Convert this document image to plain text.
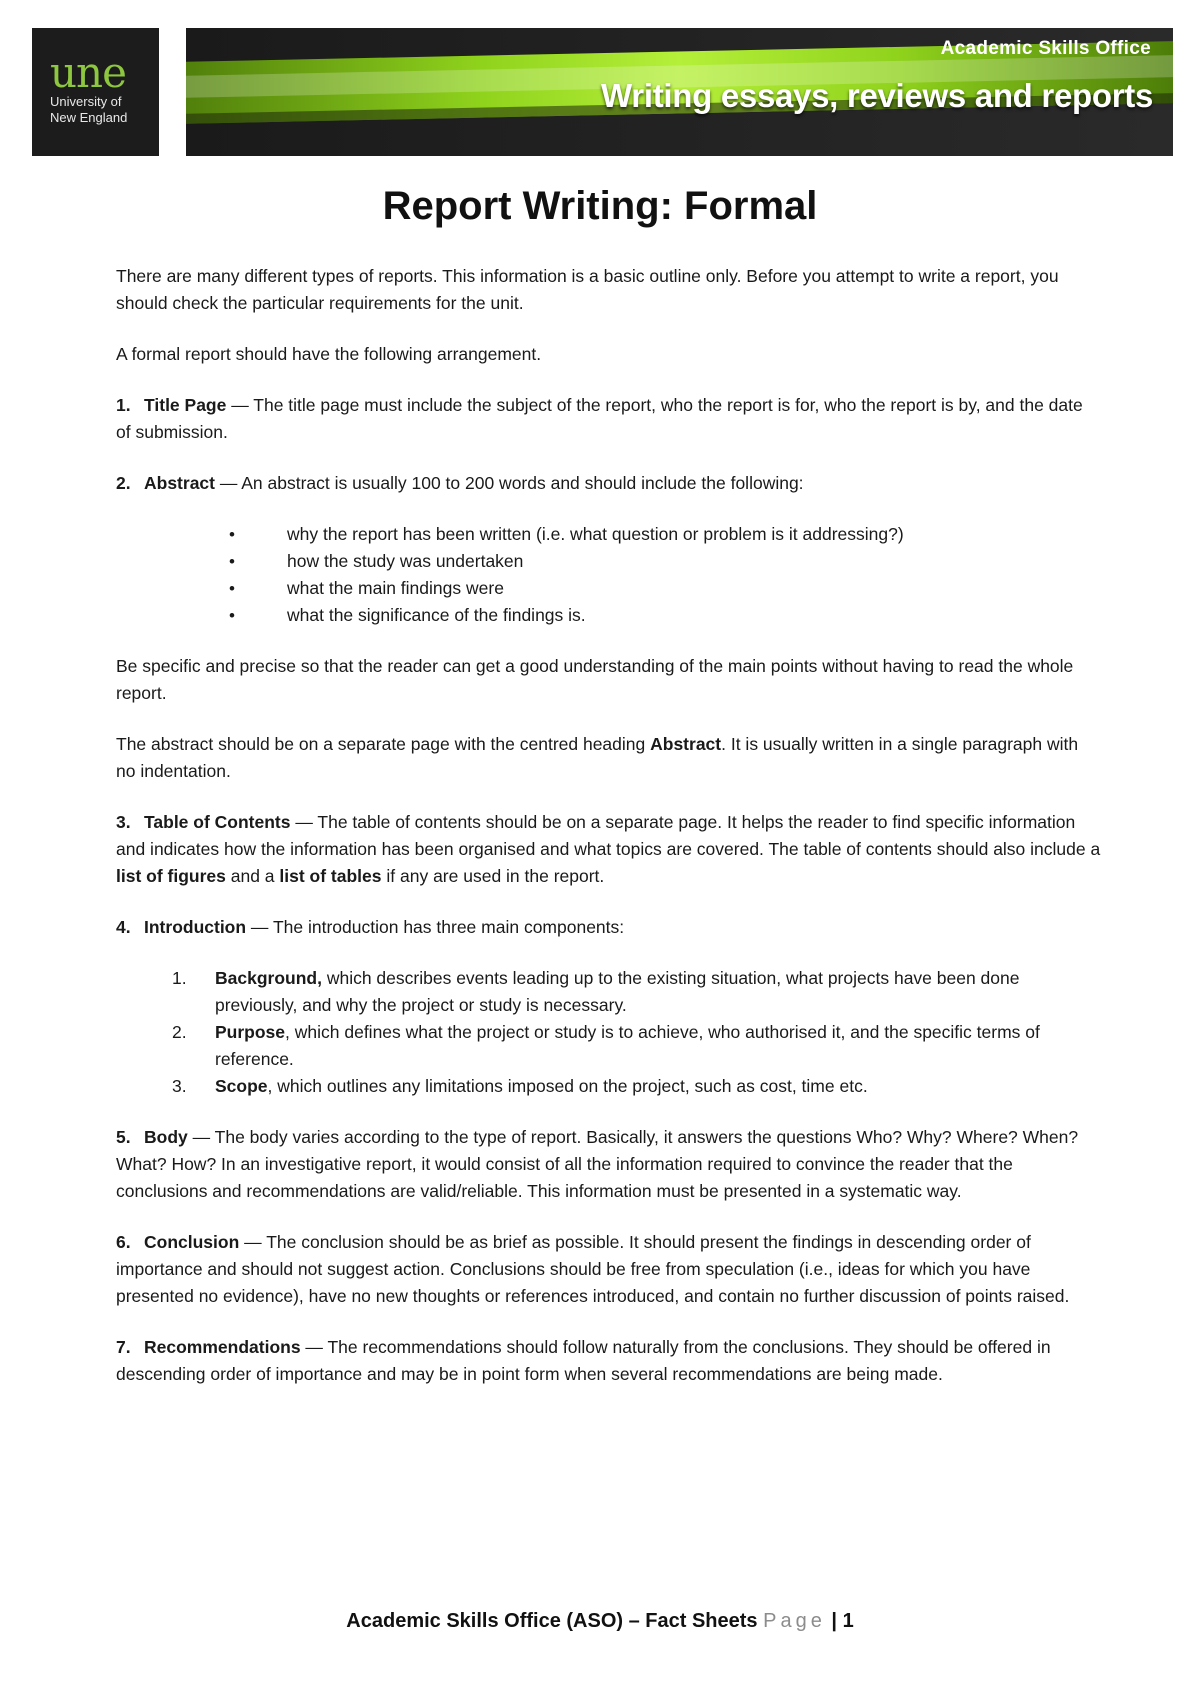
une
University of
New England
Academic Skills Office
Writing essays, reviews and reports
Report Writing: Formal

There are many different types of reports. This information is a basic outline only. Before you attempt to write a report, you should check the particular requirements for the unit.

A formal report should have the following arrangement.

1. Title Page — The title page must include the subject of the report, who the report is for, who the report is by, and the date of submission.

2. Abstract — An abstract is usually 100 to 200 words and should include the following:

•	why the report has been written (i.e. what question or problem is it addressing?)
•	how the study was undertaken
•	what the main findings were
•	what the significance of the findings is.

Be specific and precise so that the reader can get a good understanding of the main points without having to read the whole report.

The abstract should be on a separate page with the centred heading Abstract. It is usually written in a single paragraph with no indentation.

3. Table of Contents — The table of contents should be on a separate page. It helps the reader to find specific information and indicates how the information has been organised and what topics are covered. The table of contents should also include a list of figures and a list of tables if any are used in the report.

4. Introduction — The introduction has three main components:

1. Background, which describes events leading up to the existing situation, what projects have been done previously, and why the project or study is necessary.
2. Purpose, which defines what the project or study is to achieve, who authorised it, and the specific terms of reference.
3. Scope, which outlines any limitations imposed on the project, such as cost, time etc.

5. Body — The body varies according to the type of report. Basically, it answers the questions Who? Why? Where? When? What? How? In an investigative report, it would consist of all the information required to convince the reader that the conclusions and recommendations are valid/reliable. This information must be presented in a systematic way.

6. Conclusion — The conclusion should be as brief as possible. It should present the findings in descending order of importance and should not suggest action. Conclusions should be free from speculation (i.e., ideas for which you have presented no evidence), have no new thoughts or references introduced, and contain no further discussion of points raised.

7. Recommendations — The recommendations should follow naturally from the conclusions. They should be offered in descending order of importance and may be in point form when several recommendations are being made.

Academic Skills Office (ASO) – Fact Sheets Page | 1
